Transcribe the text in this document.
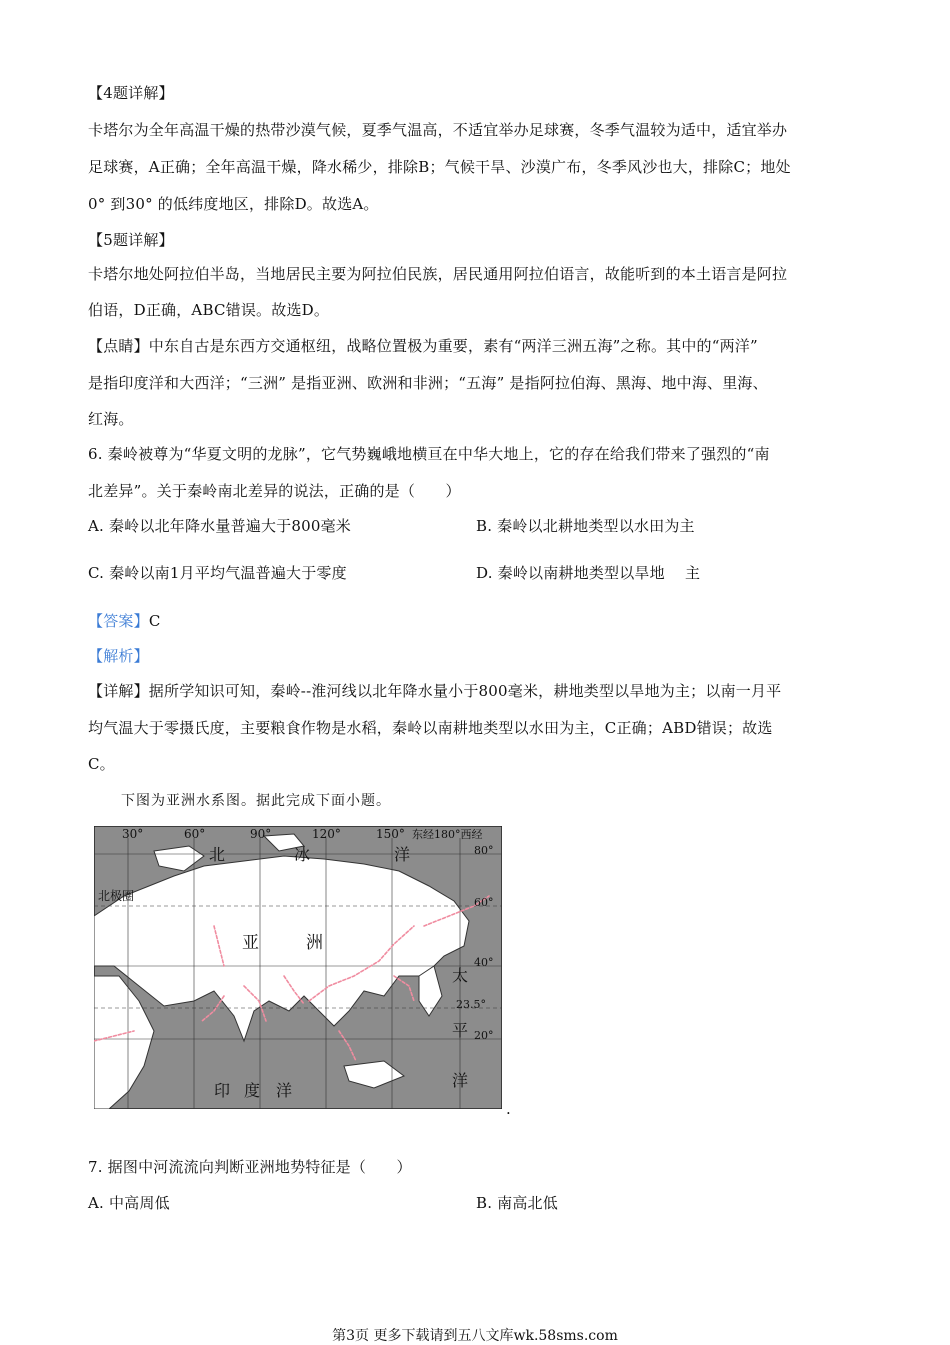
【4题详解】
卡塔尔为全年高温干燥的热带沙漠气候，夏季气温高，不适宜举办足球赛，冬季气温较为适中，适宜举办
足球赛，A正确；全年高温干燥，降水稀少，排除B；气候干旱、沙漠广布，冬季风沙也大，排除C；地处
0° 到30° 的低纬度地区，排除D。故选A。
【5题详解】
卡塔尔地处阿拉伯半岛，当地居民主要为阿拉伯民族，居民通用阿拉伯语言，故能听到的本土语言是阿拉
伯语，D正确，ABC错误。故选D。
【点睛】中东自古是东西方交通枢纽，战略位置极为重要，素有“两洋三洲五海”之称。其中的“两洋”
是指印度洋和大西洋；“三洲” 是指亚洲、欧洲和非洲；“五海” 是指阿拉伯海、黑海、地中海、里海、
红海。
6. 秦岭被尊为“华夏文明的龙脉”，它气势巍峨地横亘在中华大地上，它的存在给我们带来了强烈的“南
北差异”。关于秦岭南北差异的说法，正确的是（　　）
A. 秦岭以北年降水量普遍大于800毫米	B. 秦岭以北耕地类型以水田为主
C. 秦岭以南1月平均气温普遍大于零度	D. 秦岭以南耕地类型以旱地　 主
【答案】C
【解析】
【详解】据所学知识可知，秦岭--淮河线以北年降水量小于800毫米，耕地类型以旱地为主；以南一月平
均气温大于零摄氏度，主要粮食作物是水稻，秦岭以南耕地类型以水田为主，C正确；ABD错误；故选
C。
下图为亚洲水系图。据此完成下面小题。
30°	60°	90°	120°	150° 东经180°西经
80°
60°
40°
23.5°
20°
北	冰	洋
太
平
洋
印 度 洋
亚	洲
北极圈
.
7. 据图中河流流向判断亚洲地势特征是（　　）
A. 中高周低	B. 南高北低
第3页 更多下载请到五八文库wk.58sms.com
